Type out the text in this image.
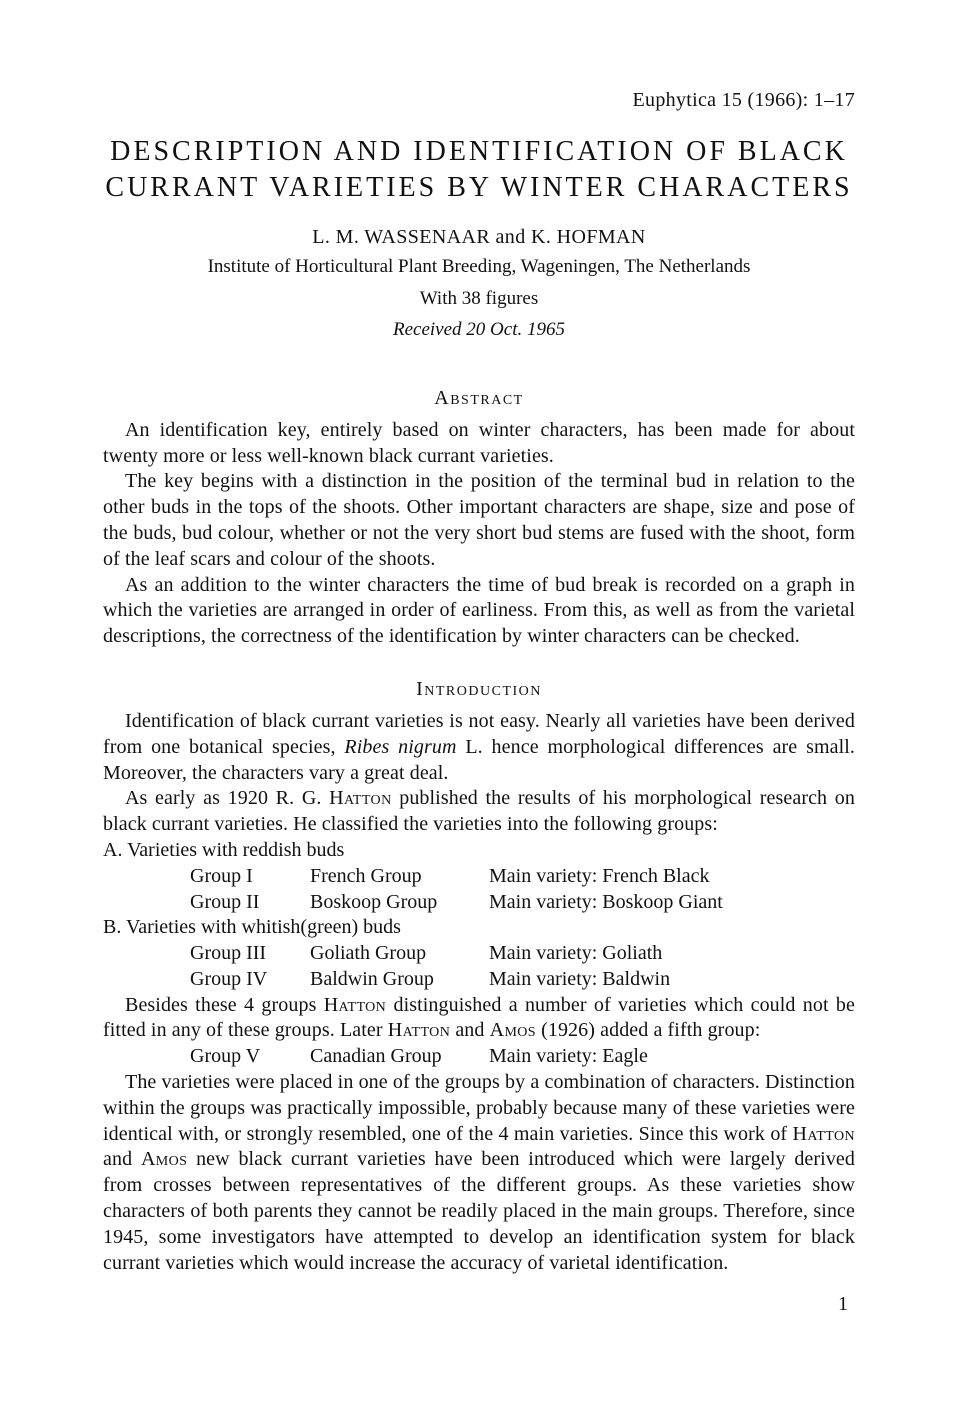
Euphytica 15 (1966): 1–17
DESCRIPTION AND IDENTIFICATION OF BLACK
CURRANT VARIETIES BY WINTER CHARACTERS
L. M. WASSENAAR and K. HOFMAN
Institute of Horticultural Plant Breeding, Wageningen, The Netherlands
With 38 figures
Received 20 Oct. 1965
Abstract

An identification key, entirely based on winter characters, has been made for about twenty more or less well-known black currant varieties.

The key begins with a distinction in the position of the terminal bud in relation to the other buds in the tops of the shoots. Other important characters are shape, size and pose of the buds, bud colour, whether or not the very short bud stems are fused with the shoot, form of the leaf scars and colour of the shoots.

As an addition to the winter characters the time of bud break is recorded on a graph in which the varieties are arranged in order of earliness. From this, as well as from the varietal descriptions, the correctness of the identification by winter characters can be checked.

Introduction

Identification of black currant varieties is not easy. Nearly all varieties have been derived from one botanical species, Ribes nigrum L. hence morphological differences are small. Moreover, the characters vary a great deal.

As early as 1920 R. G. Hatton published the results of his morphological research on black currant varieties. He classified the varieties into the following groups:

A. Varieties with reddish buds

Group I	French Group	Main variety: French Black
Group II	Boskoop Group	Main variety: Boskoop Giant

B. Varieties with whitish(green) buds

Group III Goliath Group	Main variety: Goliath
Group IV Baldwin Group	Main variety: Baldwin

Besides these 4 groups Hatton distinguished a number of varieties which could not be fitted in any of these groups. Later Hatton and Amos (1926) added a fifth group:

Group V Canadian Group Main variety: Eagle

The varieties were placed in one of the groups by a combination of characters. Distinction within the groups was practically impossible, probably because many of these varieties were identical with, or strongly resembled, one of the 4 main varieties. Since this work of Hatton and Amos new black currant varieties have been introduced which were largely derived from crosses between representatives of the different groups. As these varieties show characters of both parents they cannot be readily placed in the main groups. Therefore, since 1945, some investigators have attempted to develop an identification system for black currant varieties which would increase the accuracy of varietal identification.

1
